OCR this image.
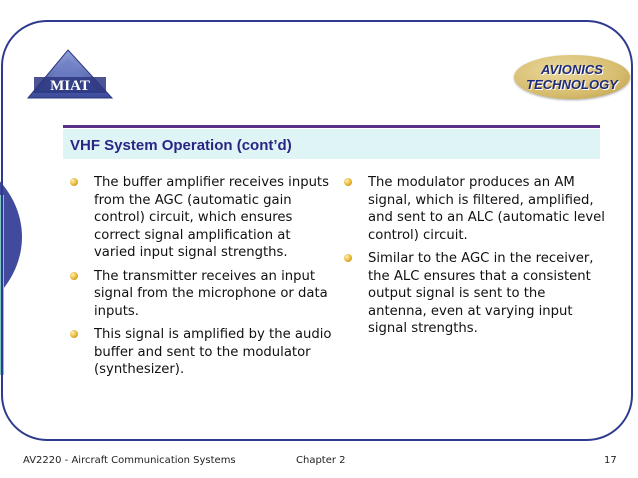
MIAT
AVIONICS
TECHNOLOGY
VHF System Operation (cont’d)
The buffer amplifier receives inputs from the AGC (automatic gain control) circuit, which ensures correct signal amplification at varied input signal strengths.
The transmitter receives an input signal from the microphone or data inputs.
This signal is amplified by the audio buffer and sent to the modulator (synthesizer).
The modulator produces an AM signal, which is filtered, amplified, and sent to an ALC (automatic level control) circuit.
Similar to the AGC in the receiver, the ALC ensures that a consistent output signal is sent to the antenna, even at varying input signal strengths.
AV2220 - Aircraft Communication Systems	Chapter 2	17
